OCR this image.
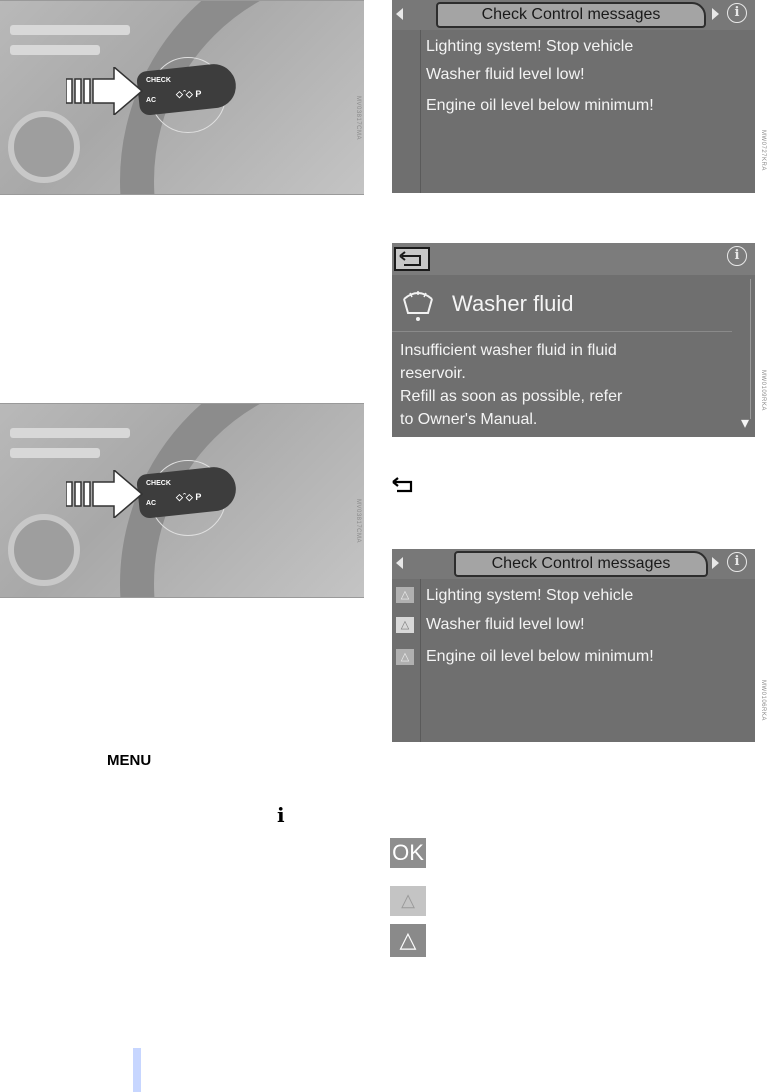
CHECK
AC
◇ˆ◇ P
MV03817CMA
CHECK
AC
◇ˆ◇ P
MV03817CMA
Check Control messages	i
Lighting system! Stop vehicle
Washer fluid level low!
Engine oil level below minimum!
MW0727KRA
i
Washer fluid
Insufficient washer fluid in fluid
reservoir.
Refill as soon as possible, refer
to Owner's Manual.	▾
MW0109RKA
Check Control messages	i
△ Lighting system! Stop vehicle
△ Washer fluid level low!
△ Engine oil level below minimum!
MW0106RKA
MENU
i
OK
△
△
